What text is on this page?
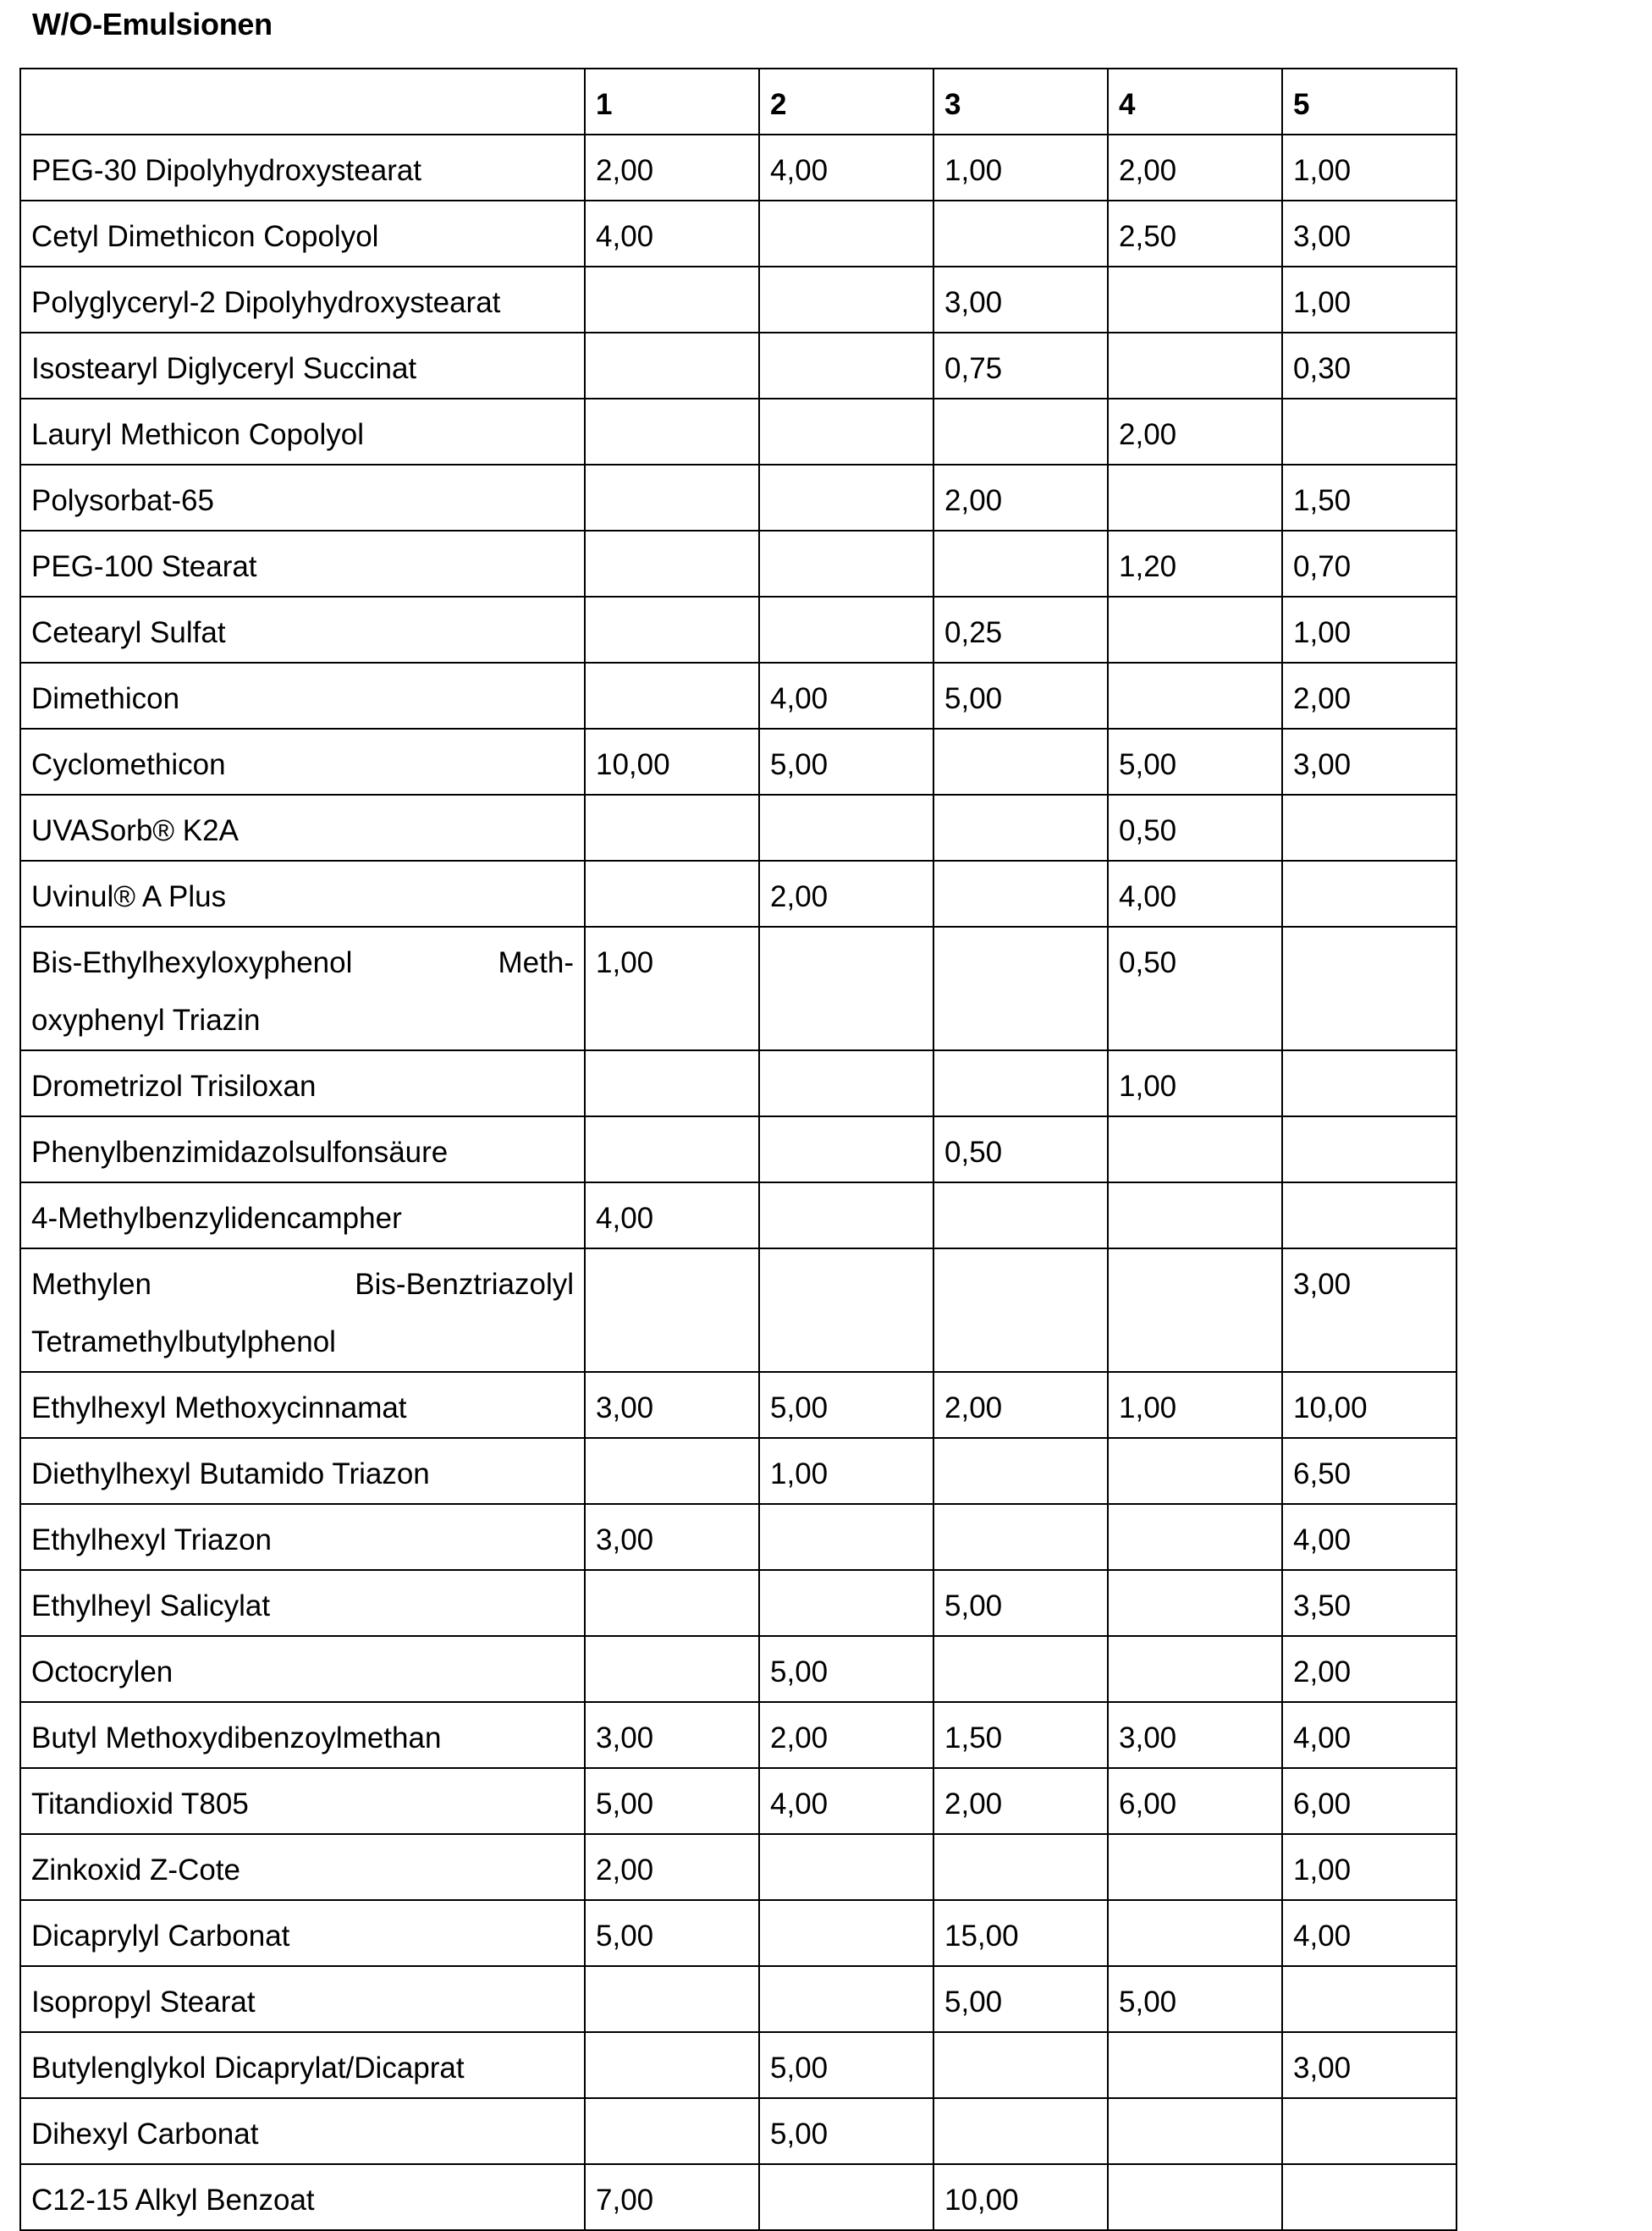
W/O-Emulsionen
	1	2	3	4	5
PEG-30 Dipolyhydroxystearat	2,00	4,00	1,00	2,00	1,00
Cetyl Dimethicon Copolyol	4,00			2,50	3,00
Polyglyceryl-2 Dipolyhydroxystearat			3,00		1,00
Isostearyl Diglyceryl Succinat			0,75		0,30
Lauryl Methicon Copolyol				2,00	
Polysorbat-65			2,00		1,50
PEG-100 Stearat				1,20	0,70
Cetearyl Sulfat			0,25		1,00
Dimethicon		4,00	5,00		2,00
Cyclomethicon	10,00	5,00		5,00	3,00
UVASorb® K2A				0,50	
Uvinul® A Plus		2,00		4,00	

Bis-Ethylhexyloxyphenol Meth-
oxyphenyl Triazin	1,00			0,50	
Drometrizol Trisiloxan				1,00	
Phenylbenzimidazolsulfonsäure			0,50		
4-Methylbenzylidencampher	4,00				

Methylen Bis-Benztriazolyl
Tetramethylbutylphenol					3,00
Ethylhexyl Methoxycinnamat	3,00	5,00	2,00	1,00	10,00
Diethylhexyl Butamido Triazon		1,00			6,50
Ethylhexyl Triazon	3,00				4,00
Ethylheyl Salicylat			5,00		3,50
Octocrylen		5,00			2,00
Butyl Methoxydibenzoylmethan	3,00	2,00	1,50	3,00	4,00
Titandioxid T805	5,00	4,00	2,00	6,00	6,00
Zinkoxid Z-Cote	2,00				1,00
Dicaprylyl Carbonat	5,00		15,00		4,00
Isopropyl Stearat			5,00	5,00	
Butylenglykol Dicaprylat/Dicaprat		5,00			3,00
Dihexyl Carbonat		5,00			
C12-15 Alkyl Benzoat	7,00		10,00		
